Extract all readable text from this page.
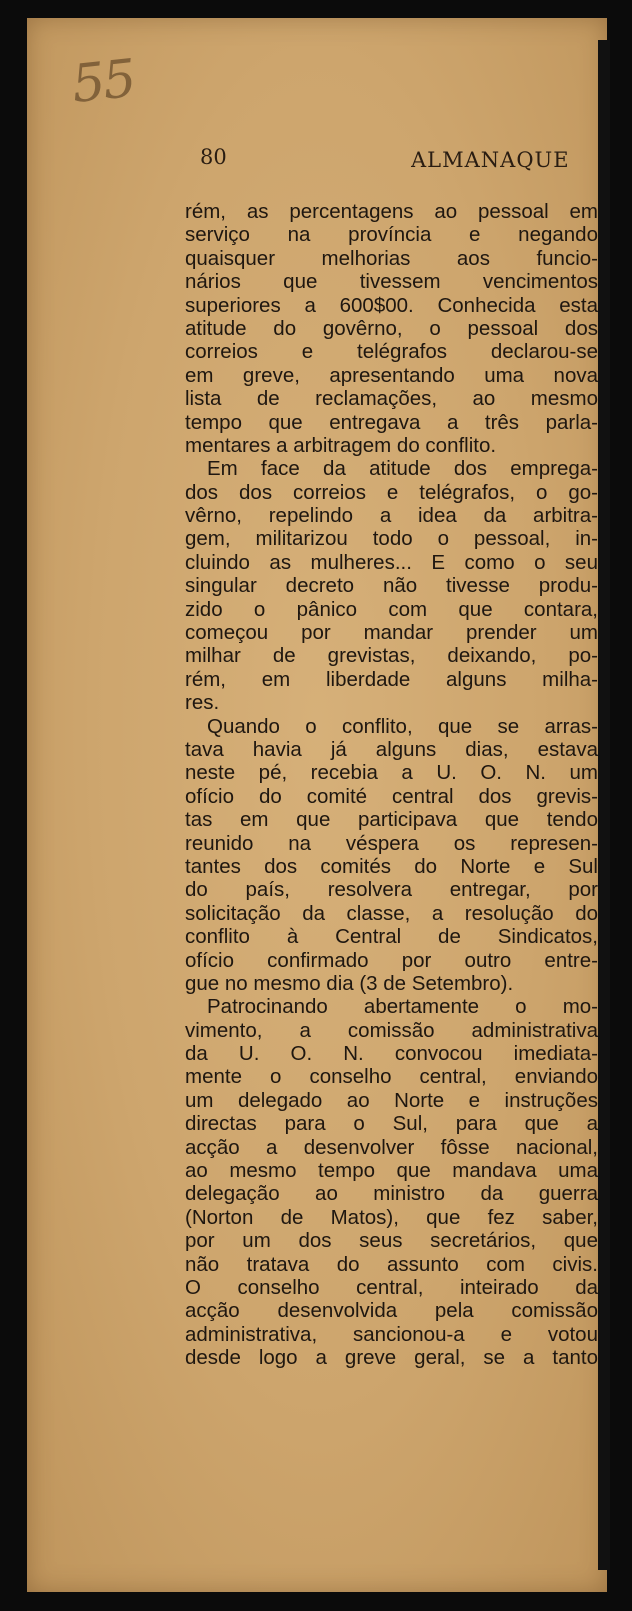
55
80	ALMANAQUE
rém, as percentagens ao pessoal em
serviço na província e negando
quaisquer melhorias aos funcio-
nários que tivessem vencimentos
superiores a 600$00. Conhecida esta
atitude do govêrno, o pessoal dos
correios e telégrafos declarou-se
em greve, apresentando uma nova
lista de reclamações, ao mesmo
tempo que entregava a três parla-
mentares a arbitragem do conflito.
Em face da atitude dos emprega-
dos dos correios e telégrafos, o go-
vêrno, repelindo a idea da arbitra-
gem, militarizou todo o pessoal, in-
cluindo as mulheres... E como o seu
singular decreto não tivesse produ-
zido o pânico com que contara,
começou por mandar prender um
milhar de grevistas, deixando, po-
rém, em liberdade alguns milha-
res.
Quando o conflito, que se arras-
tava havia já alguns dias, estava
neste pé, recebia a U. O. N. um
ofício do comité central dos grevis-
tas em que participava que tendo
reunido na véspera os represen-
tantes dos comités do Norte e Sul
do país, resolvera entregar, por
solicitação da classe, a resolução do
conflito à Central de Sindicatos,
ofício confirmado por outro entre-
gue no mesmo dia (3 de Setembro).
Patrocinando abertamente o mo-
vimento, a comissão administrativa
da U. O. N. convocou imediata-
mente o conselho central, enviando
um delegado ao Norte e instruções
directas para o Sul, para que a
acção a desenvolver fôsse nacional,
ao mesmo tempo que mandava uma
delegação ao ministro da guerra
(Norton de Matos), que fez saber,
por um dos seus secretários, que
não tratava do assunto com civis.
O conselho central, inteirado da
acção desenvolvida pela comissão
administrativa, sancionou-a e votou
desde logo a greve geral, se a tanto
